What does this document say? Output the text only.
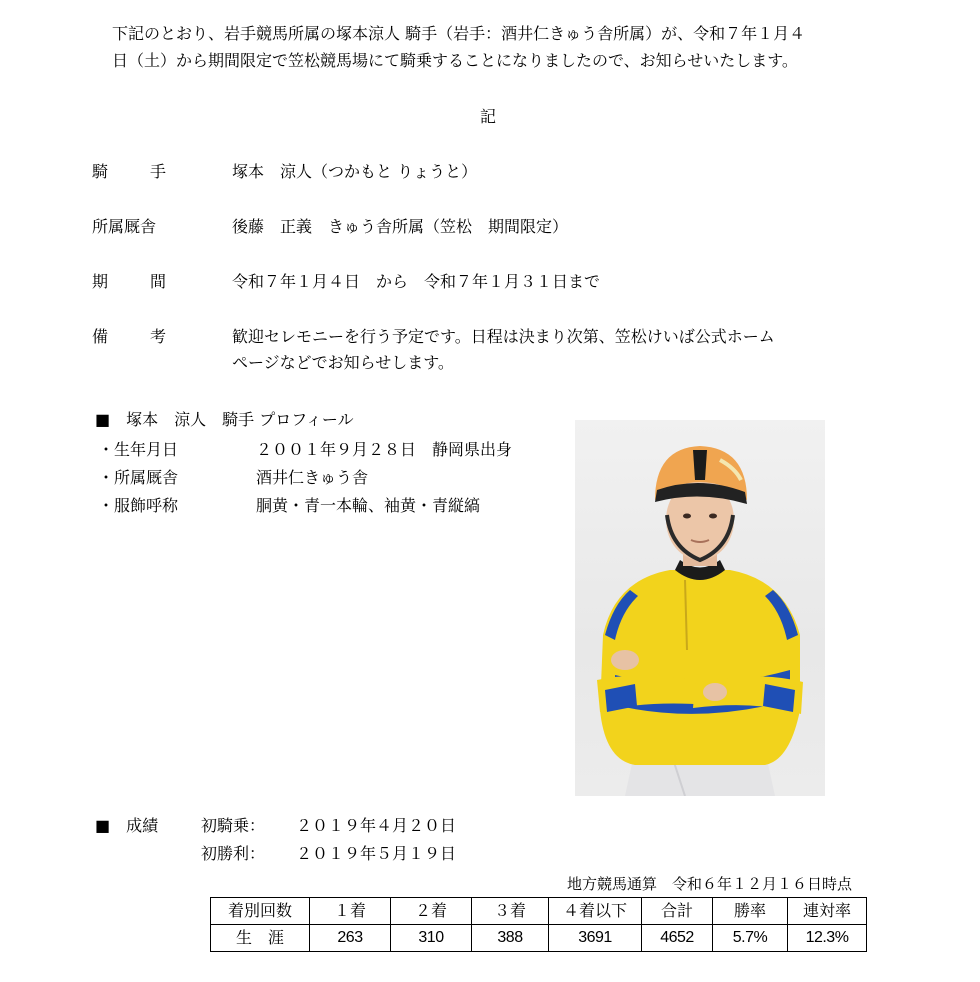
下記のとおり、岩手競馬所属の塚本涼人 騎手（岩手：酒井仁きゅう舎所属）が、令和７年１月４
日（土）から期間限定で笠松競馬場にて騎乗することになりましたので、お知らせいたします。
記
騎	手	塚本　涼人（つかもと りょうと）
所属厩舎	後藤　正義　きゅう舎所属（笠松　期間限定）
期	間	令和７年１月４日　から　令和７年１月３１日まで
備	考	歓迎セレモニーを行う予定です。日程は決まり次第、笠松けいば公式ホーム
ページなどでお知らせします。
■　塚本　涼人　騎手 プロフィール
・生年月日	２００１年９月２８日　静岡県出身
・所属厩舎	酒井仁きゅう舎
・服飾呼称	胴黄・青一本輪、袖黄・青縦縞
■　成績	初騎乗： ２０１９年４月２０日
初勝利： ２０１９年５月１９日
地方競馬通算　令和６年１２月１６日時点
着別回数	１着	２着	３着	４着以下	合計	勝率	連対率
生　涯	263	310	388	3691	4652	5.7%	12.3%
